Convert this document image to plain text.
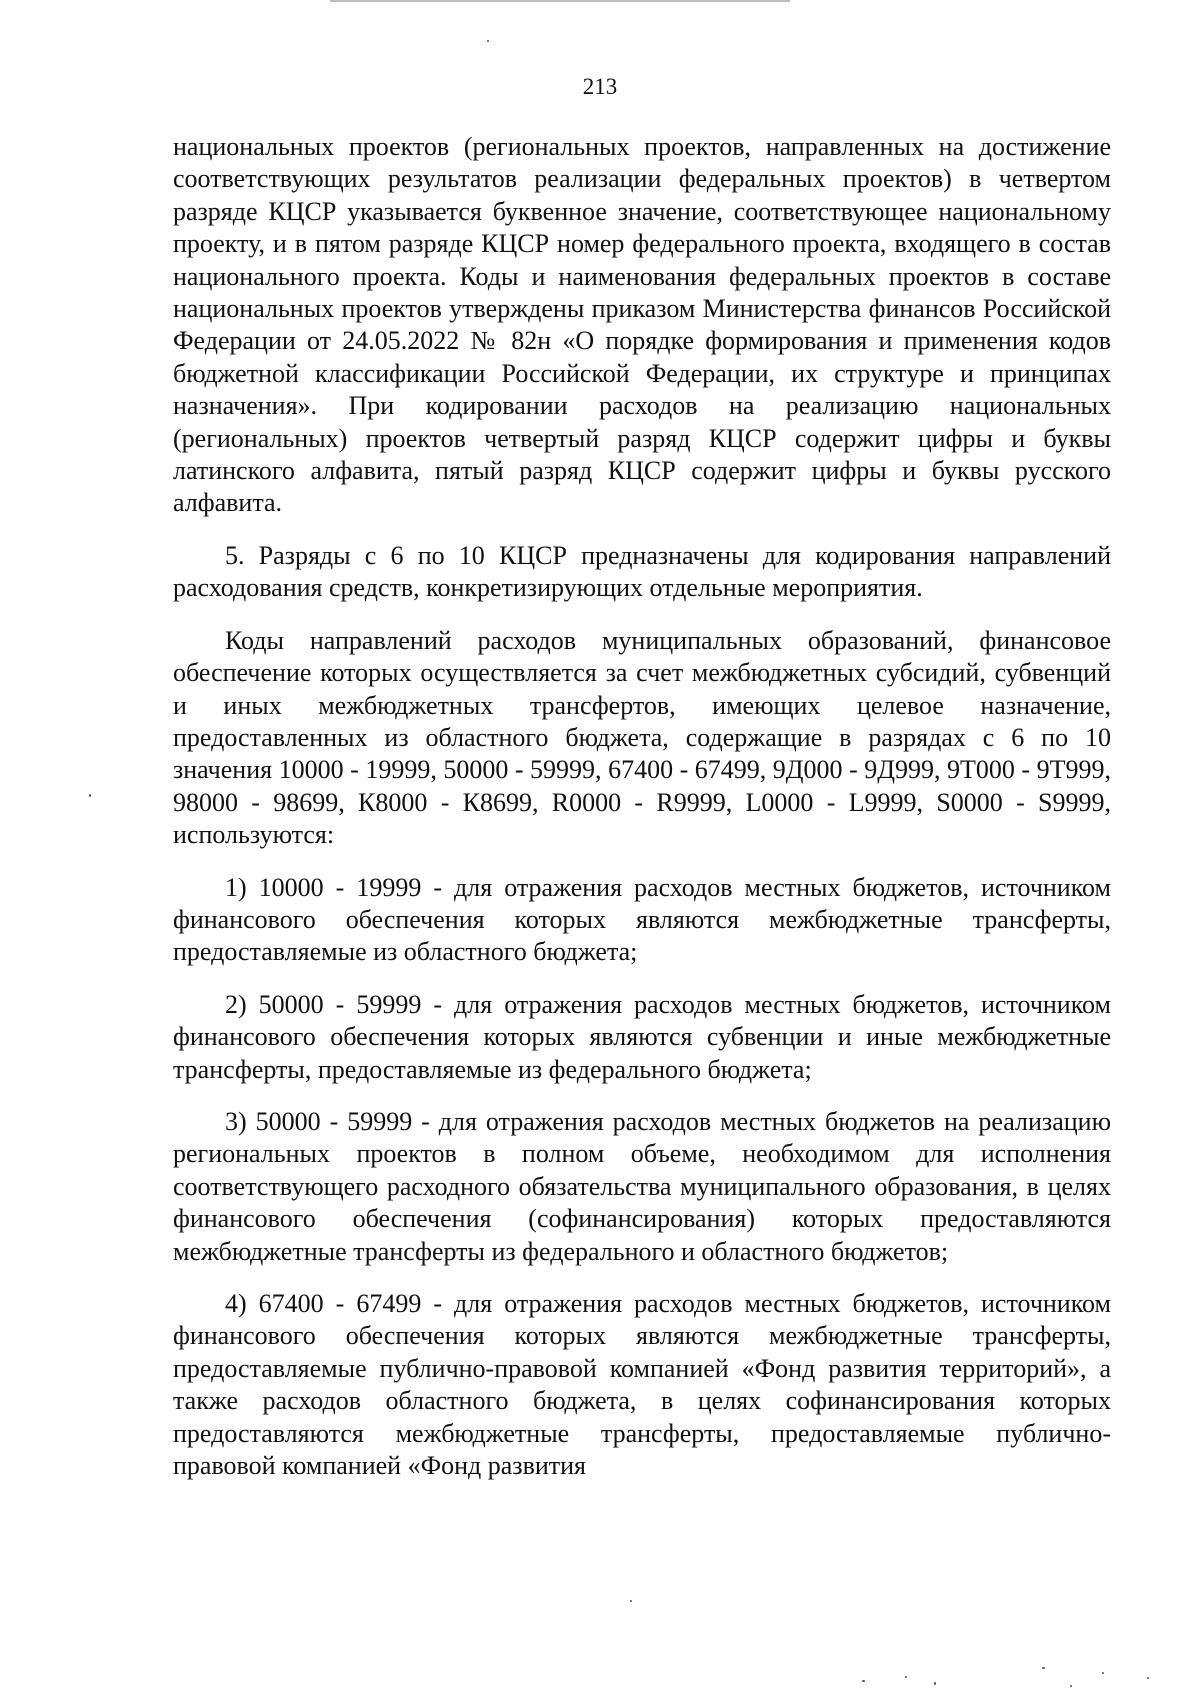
213

национальных проектов (региональных проектов, направленных на достижение соответствующих результатов реализации федеральных проектов) в четвертом разряде КЦСР указывается буквенное значение, соответствующее национальному проекту, и в пятом разряде КЦСР номер федерального проекта, входящего в состав национального проекта. Коды и наименования федеральных проектов в составе национальных проектов утверждены приказом Министерства финансов Российской Федерации от 24.05.2022 № 82н «О порядке формирования и применения кодов бюджетной классификации Российской Федерации, их структуре и принципах назначения». При кодировании расходов на реализацию национальных (региональных) проектов четвертый разряд КЦСР содержит цифры и буквы латинского алфавита, пятый разряд КЦСР содержит цифры и буквы русского алфавита.

5. Разряды с 6 по 10 КЦСР предназначены для кодирования направлений расходования средств, конкретизирующих отдельные мероприятия.

Коды направлений расходов муниципальных образований, финансовое обеспечение которых осуществляется за счет межбюджетных субсидий, субвенций и иных межбюджетных трансфертов, имеющих целевое назначение, предоставленных из областного бюджета, содержащие в разрядах с 6 по 10 значения 10000 - 19999, 50000 - 59999, 67400 - 67499, 9Д000 - 9Д999, 9Т000 - 9Т999, 98000 - 98699, К8000 - К8699, R0000 - R9999, L0000 - L9999, S0000 - S9999, используются:

1) 10000 - 19999 - для отражения расходов местных бюджетов, источником финансового обеспечения которых являются межбюджетные трансферты, предоставляемые из областного бюджета;

2) 50000 - 59999 - для отражения расходов местных бюджетов, источником финансового обеспечения которых являются субвенции и иные межбюджетные трансферты, предоставляемые из федерального бюджета;

3) 50000 - 59999 - для отражения расходов местных бюджетов на реализацию региональных проектов в полном объеме, необходимом для исполнения соответствующего расходного обязательства муниципального образования, в целях финансового обеспечения (софинансирования) которых предоставляются межбюджетные трансферты из федерального и областного бюджетов;

4) 67400 - 67499 - для отражения расходов местных бюджетов, источником финансового обеспечения которых являются межбюджетные трансферты, предоставляемые публично-правовой компанией «Фонд развития территорий», а также расходов областного бюджета, в целях софинансирования которых предоставляются межбюджетные трансферты, предоставляемые публично-правовой компанией «Фонд развития
